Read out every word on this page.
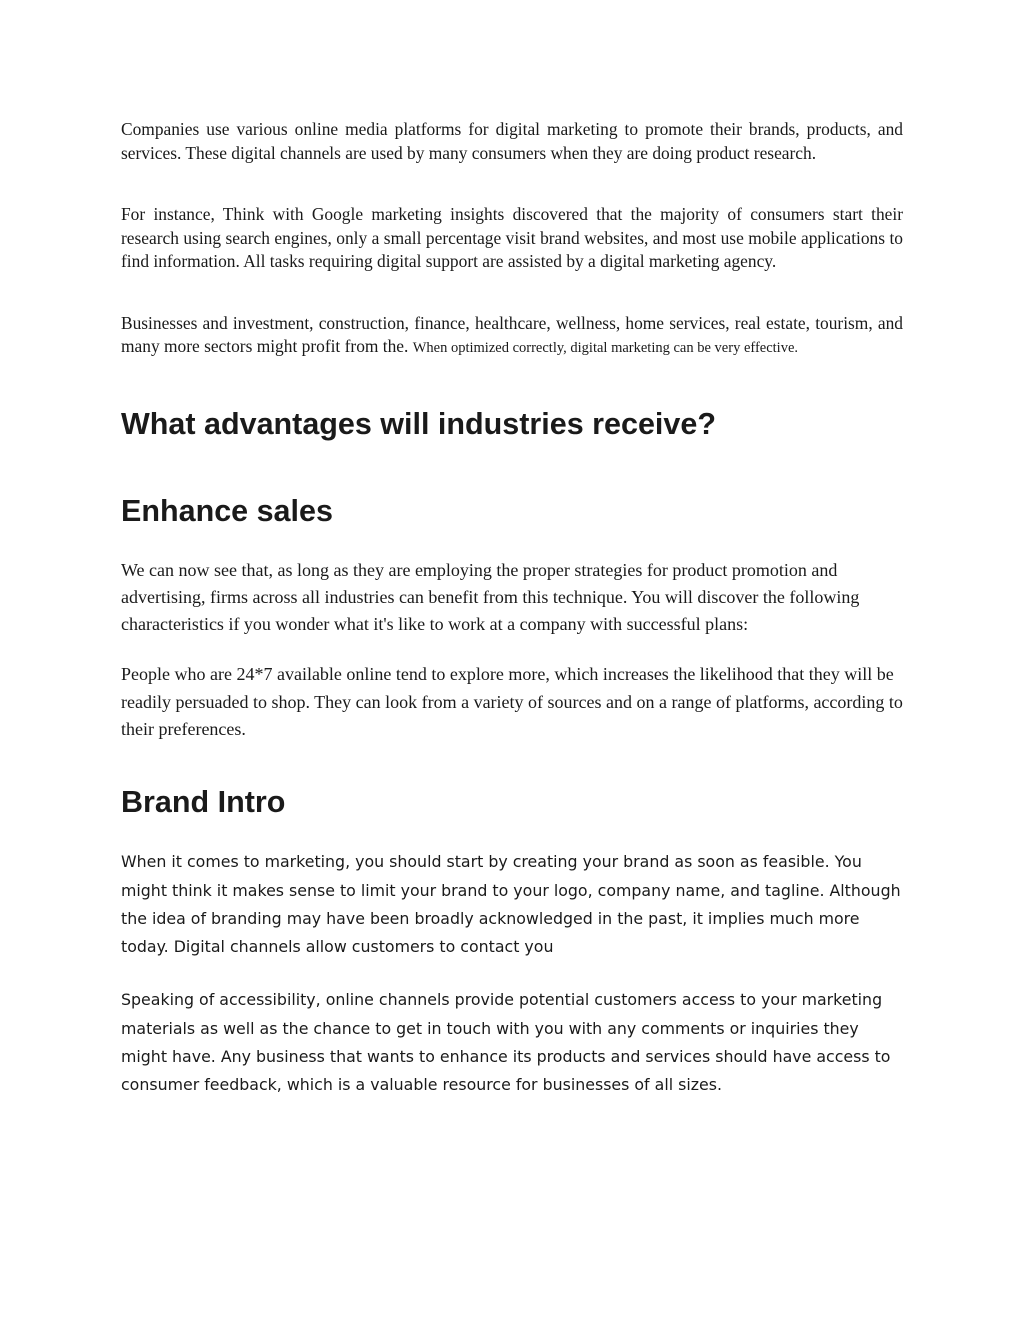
Companies use various online media platforms for digital marketing to promote their brands, products, and services. These digital channels are used by many consumers when they are doing product research.

For instance, Think with Google marketing insights discovered that the majority of consumers start their research using search engines, only a small percentage visit brand websites, and most use mobile applications to find information. All tasks requiring digital support are assisted by a digital marketing agency.

Businesses and investment, construction, finance, healthcare, wellness, home services, real estate, tourism, and many more sectors might profit from the. When optimized correctly, digital marketing can be very effective.

What advantages will industries receive?
Enhance sales

We can now see that, as long as they are employing the proper strategies for product promotion and advertising, firms across all industries can benefit from this technique. You will discover the following characteristics if you wonder what it's like to work at a company with successful plans:

People who are 24*7 available online tend to explore more, which increases the likelihood that they will be readily persuaded to shop. They can look from a variety of sources and on a range of platforms, according to their preferences.

Brand Intro

When it comes to marketing, you should start by creating your brand as soon as feasible. You might think it makes sense to limit your brand to your logo, company name, and tagline. Although the idea of branding may have been broadly acknowledged in the past, it implies much more today. Digital channels allow customers to contact you

Speaking of accessibility, online channels provide potential customers access to your marketing materials as well as the chance to get in touch with you with any comments or inquiries they might have. Any business that wants to enhance its products and services should have access to consumer feedback, which is a valuable resource for businesses of all sizes.
